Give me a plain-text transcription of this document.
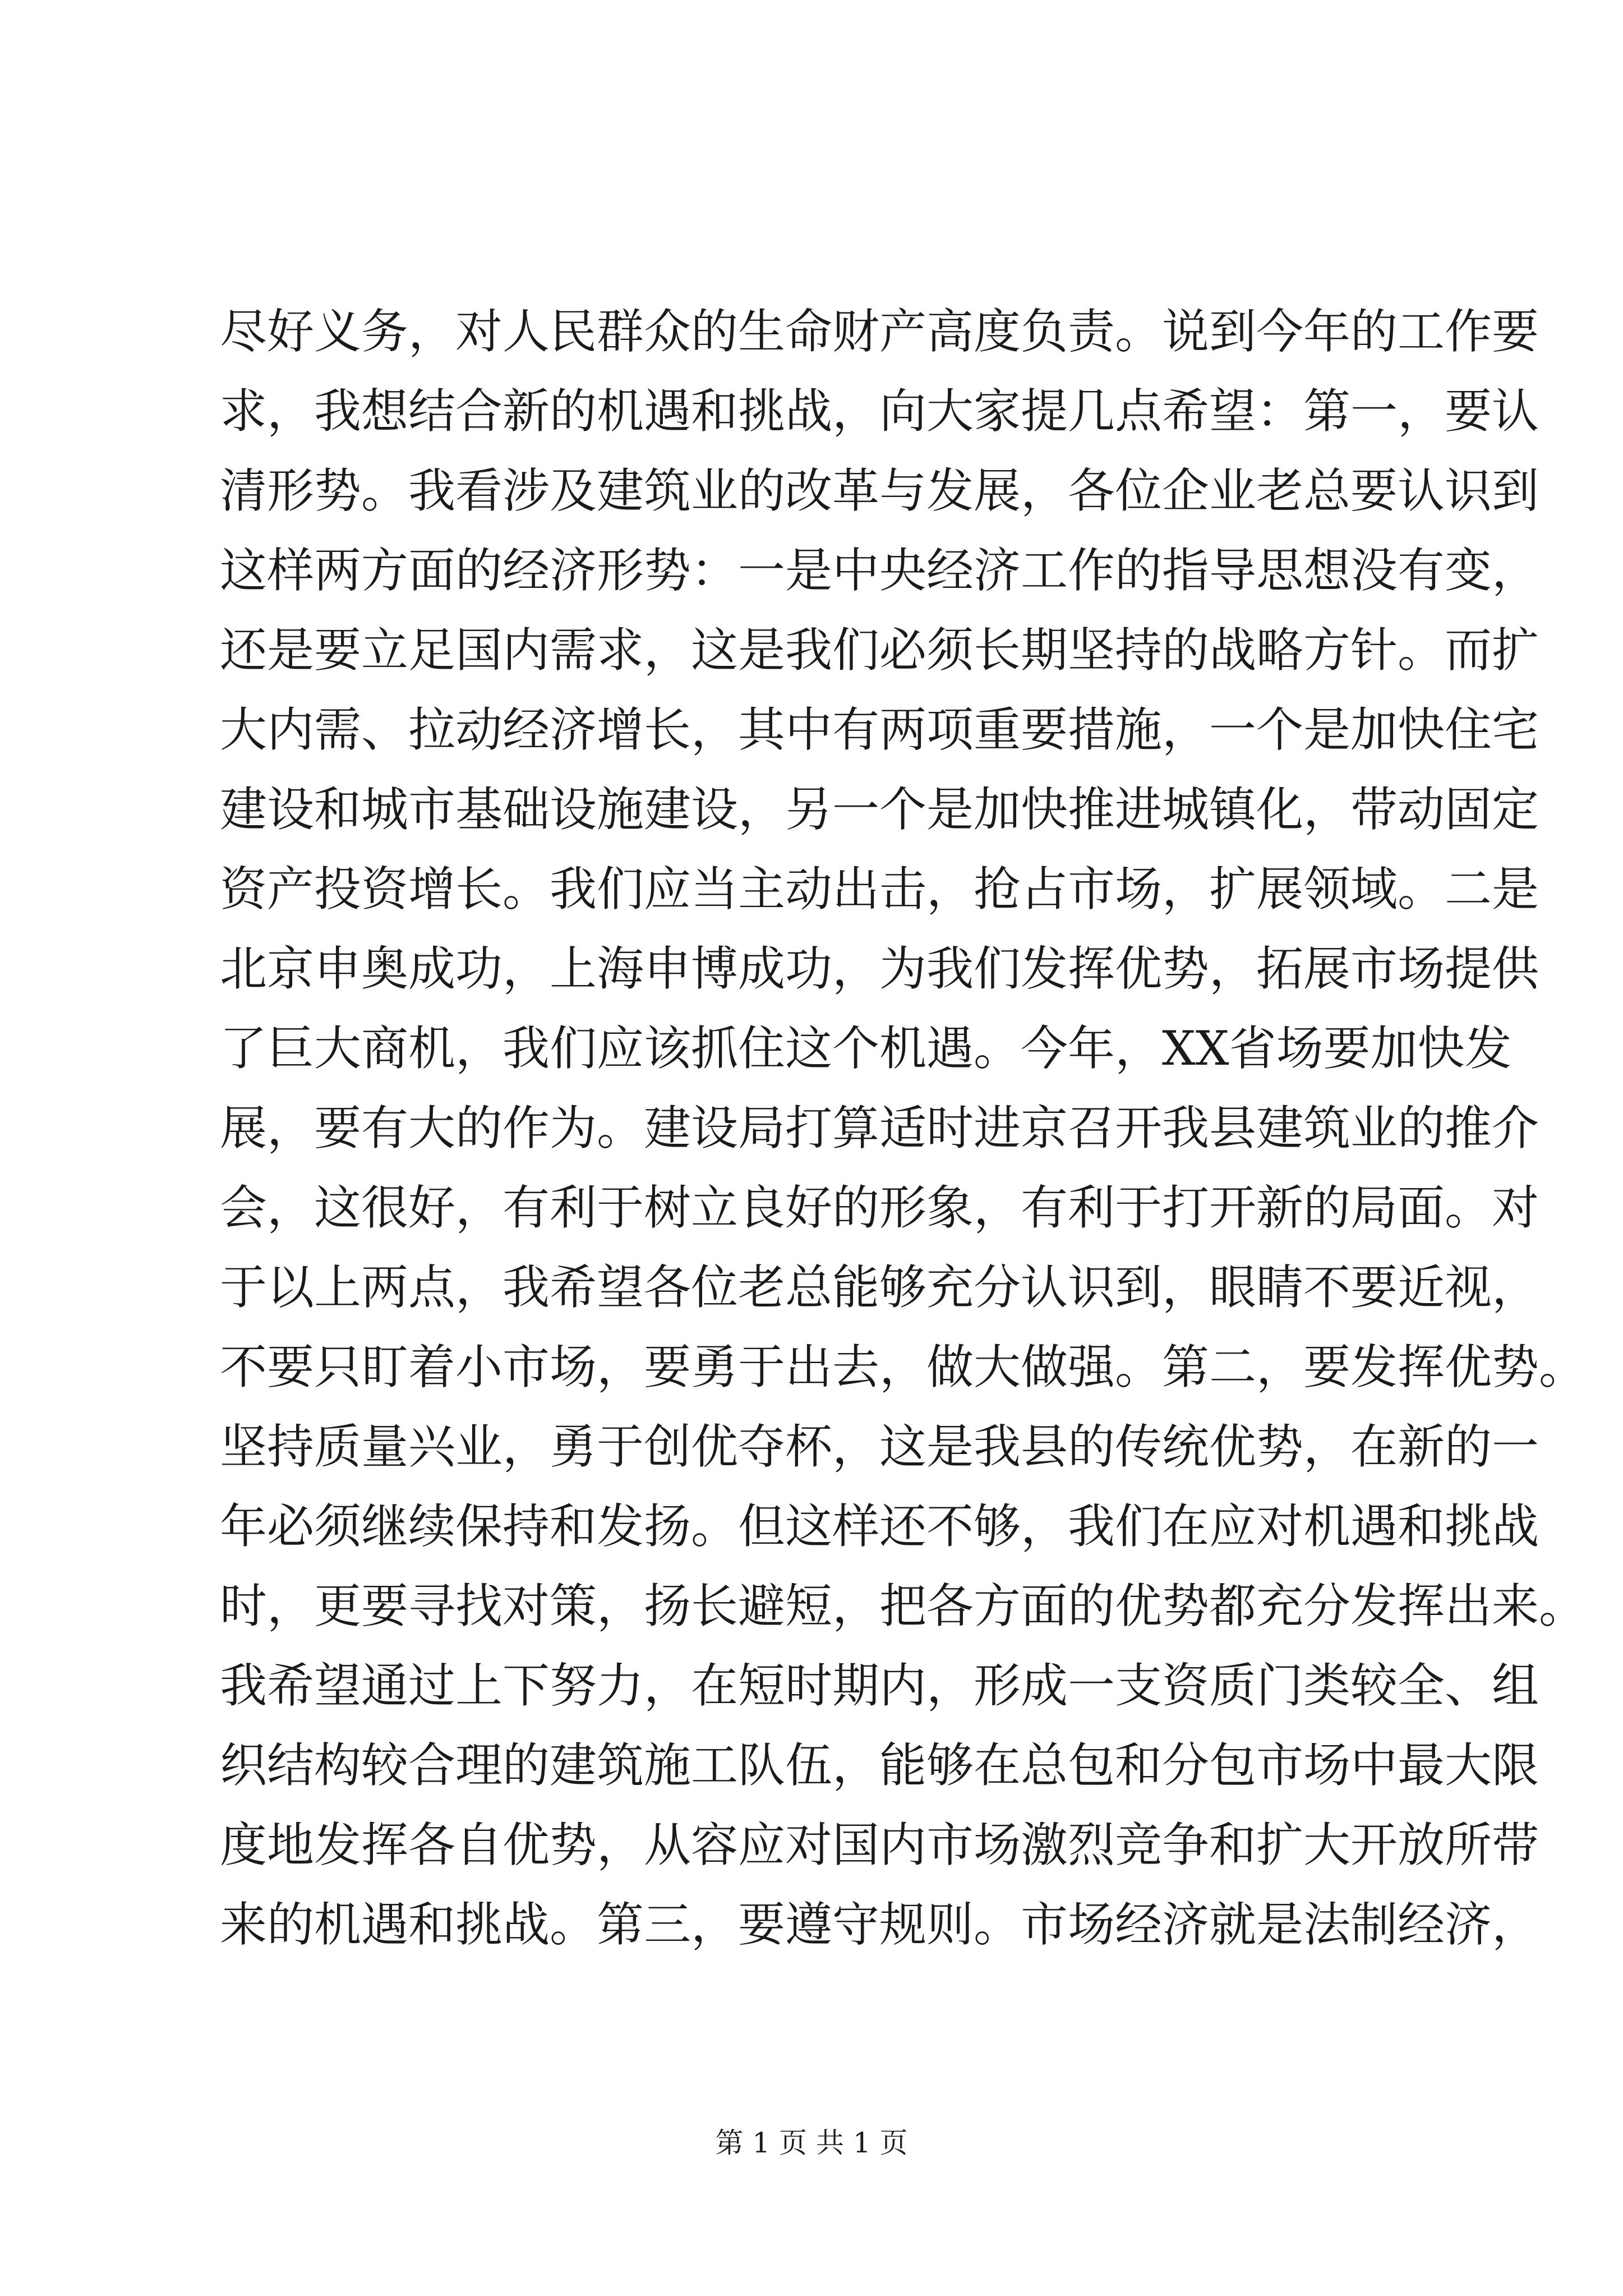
尽好义务，对人民群众的生命财产高度负责。说到今年的工作要
求，我想结合新的机遇和挑战，向大家提几点希望：第一，要认
清形势。我看涉及建筑业的改革与发展，各位企业老总要认识到
这样两方面的经济形势：一是中央经济工作的指导思想没有变，
还是要立足国内需求，这是我们必须长期坚持的战略方针。而扩
大内需、拉动经济增长，其中有两项重要措施，一个是加快住宅
建设和城市基础设施建设，另一个是加快推进城镇化，带动固定
资产投资增长。我们应当主动出击，抢占市场，扩展领域。二是
北京申奥成功，上海申博成功，为我们发挥优势，拓展市场提供
了巨大商机，我们应该抓住这个机遇。今年，XX省场要加快发
展，要有大的作为。建设局打算适时进京召开我县建筑业的推介
会，这很好，有利于树立良好的形象，有利于打开新的局面。对
于以上两点，我希望各位老总能够充分认识到，眼睛不要近视，
不要只盯着小市场，要勇于出去，做大做强。第二，要发挥优势。
坚持质量兴业，勇于创优夺杯，这是我县的传统优势，在新的一
年必须继续保持和发扬。但这样还不够，我们在应对机遇和挑战
时，更要寻找对策，扬长避短，把各方面的优势都充分发挥出来。
我希望通过上下努力，在短时期内，形成一支资质门类较全、组
织结构较合理的建筑施工队伍，能够在总包和分包市场中最大限
度地发挥各自优势，从容应对国内市场激烈竞争和扩大开放所带
来的机遇和挑战。第三，要遵守规则。市场经济就是法制经济，
第 1 页 共 1 页
